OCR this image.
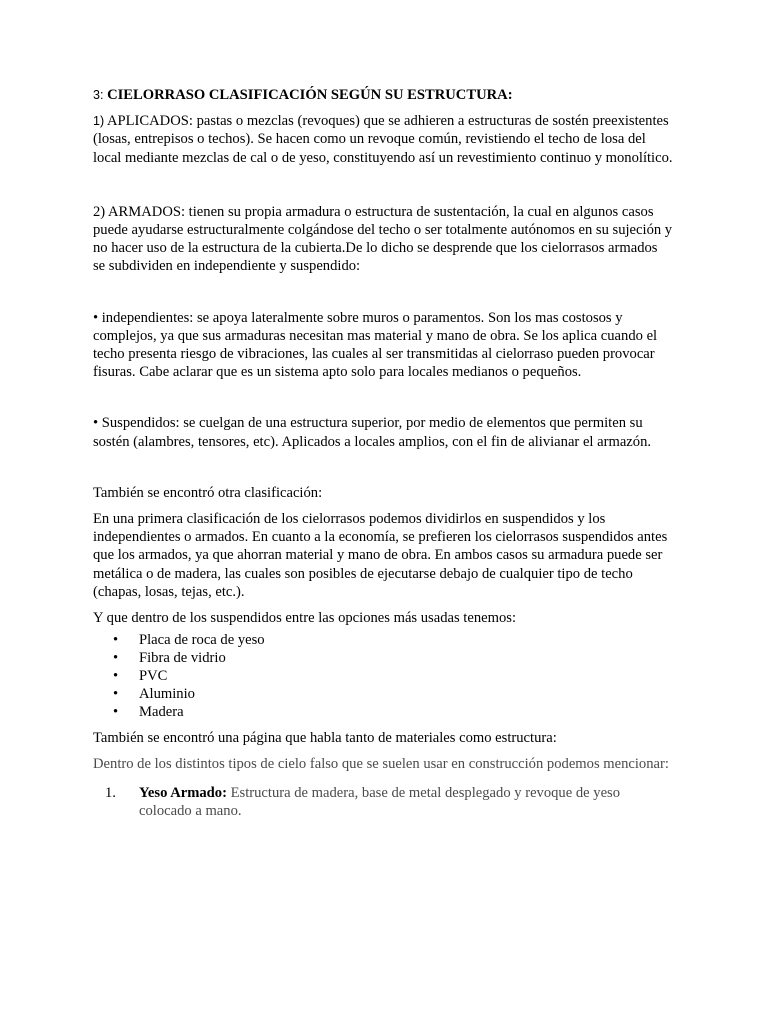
3: CIELORRASO CLASIFICACIÓN SEGÚN SU ESTRUCTURA:

1) APLICADOS: pastas o mezclas (revoques) que se adhieren a estructuras de sostén preexistentes (losas, entrepisos o techos). Se hacen como un revoque común, revistiendo el techo de losa del local mediante mezclas de cal o de yeso, constituyendo así un revestimiento continuo y monolítico.

2) ARMADOS: tienen su propia armadura o estructura de sustentación, la cual en algunos casos puede ayudarse estructuralmente colgándose del techo o ser totalmente autónomos en su sujeción y no hacer uso de la estructura de la cubierta.De lo dicho se desprende que los cielorrasos armados se subdividen en independiente y suspendido:

• independientes: se apoya lateralmente sobre muros o paramentos. Son los mas costosos y complejos, ya que sus armaduras necesitan mas material y mano de obra. Se los aplica cuando el techo presenta riesgo de vibraciones, las cuales al ser transmitidas al cielorraso pueden provocar fisuras. Cabe aclarar que es un sistema apto solo para locales medianos o pequeños.

• Suspendidos: se cuelgan de una estructura superior, por medio de elementos que permiten su sostén (alambres, tensores, etc). Aplicados a locales amplios, con el fin de alivianar el armazón.

También se encontró otra clasificación:

En una primera clasificación de los cielorrasos podemos dividirlos en suspendidos y los independientes o armados. En cuanto a la economía, se prefieren los cielorrasos suspendidos antes que los armados, ya que ahorran material y mano de obra. En ambos casos su armadura puede ser metálica o de madera, las cuales son posibles de ejecutarse debajo de cualquier tipo de techo (chapas, losas, tejas, etc.).

Y que dentro de los suspendidos entre las opciones más usadas tenemos:

• Placa de roca de yeso
• Fibra de vidrio
• PVC
• Aluminio
• Madera

También se encontró una página que habla tanto de materiales como estructura:

Dentro de los distintos tipos de cielo falso que se suelen usar en construcción podemos mencionar:

1. Yeso Armado: Estructura de madera, base de metal desplegado y revoque de yeso colocado a mano.
